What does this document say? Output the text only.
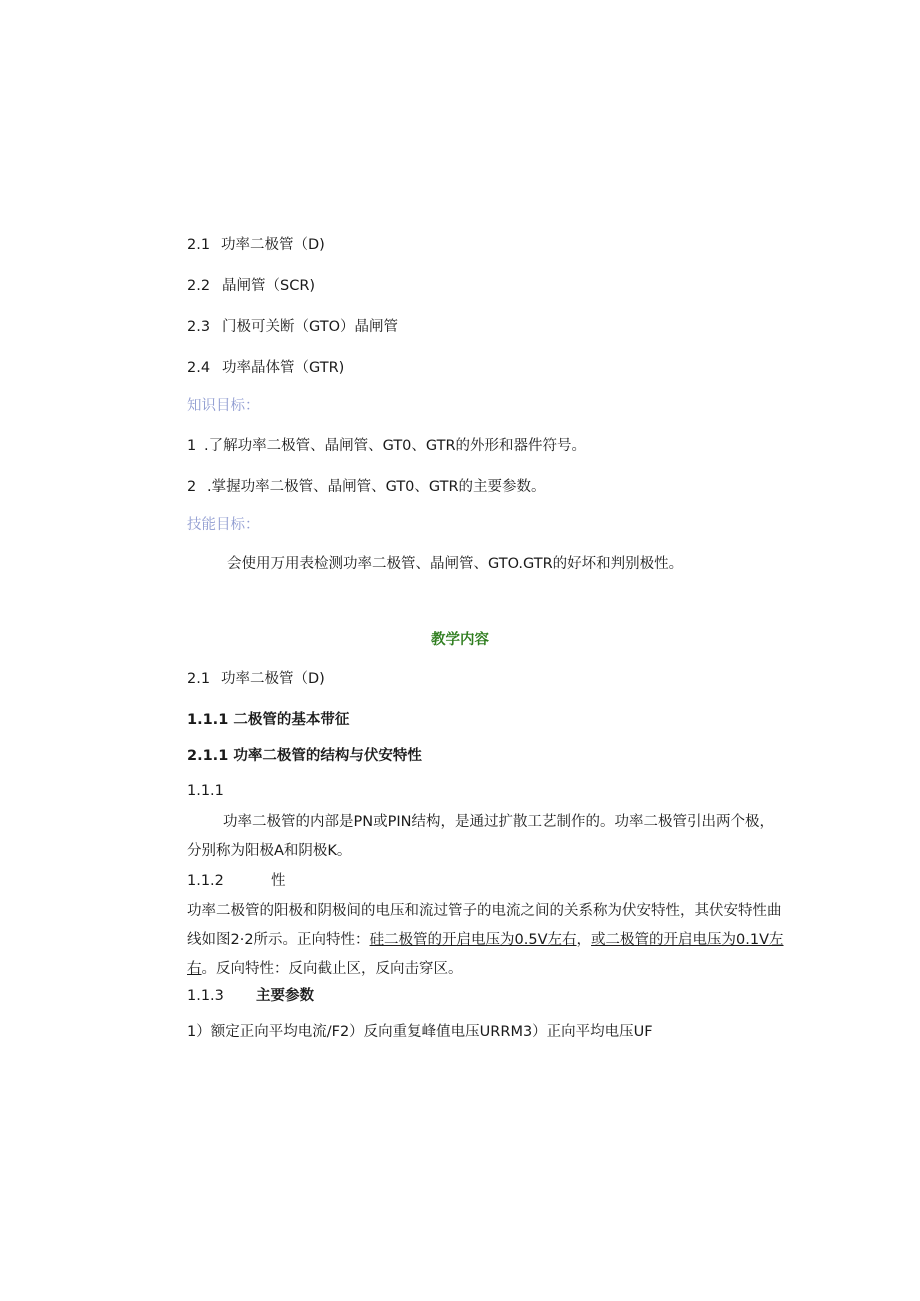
2.1 功率二极管（D)
2.2 晶闸管（SCR)
2.3 门极可关断（GTO）晶闸管
2.4 功率晶体管（GTR)
知识目标：
1 .了解功率二极管、晶闸管、GT0、GTR的外形和器件符号。
2 .掌握功率二极管、晶闸管、GT0、GTR的主要参数。
技能目标：
会使用万用表检测功率二极管、晶闸管、GTO.GTR的好坏和判别极性。
教学内容
2.1 功率二极管（D)
1.1.1 二极管的基本带征
2.1.1 功率二极管的结构与伏安特性
1.1.1
功率二极管的内部是PN或PIN结构，是通过扩散工艺制作的。功率二极管引出两个极，分别称为阳极A和阴极K。
1.1.2	性
功率二极管的阳极和阴极间的电压和流过管子的电流之间的关系称为伏安特性，其伏安特性曲线如图2·2所示。正向特性：硅二极管的开启电压为0.5V左右，或二极管的开启电压为0.1V左右。反向特性：反向截止区，反向击穿区。
1.1.3 主要参数
1）额定正向平均电流/F2）反向重复峰值电压URRM3）正向平均电压UF
